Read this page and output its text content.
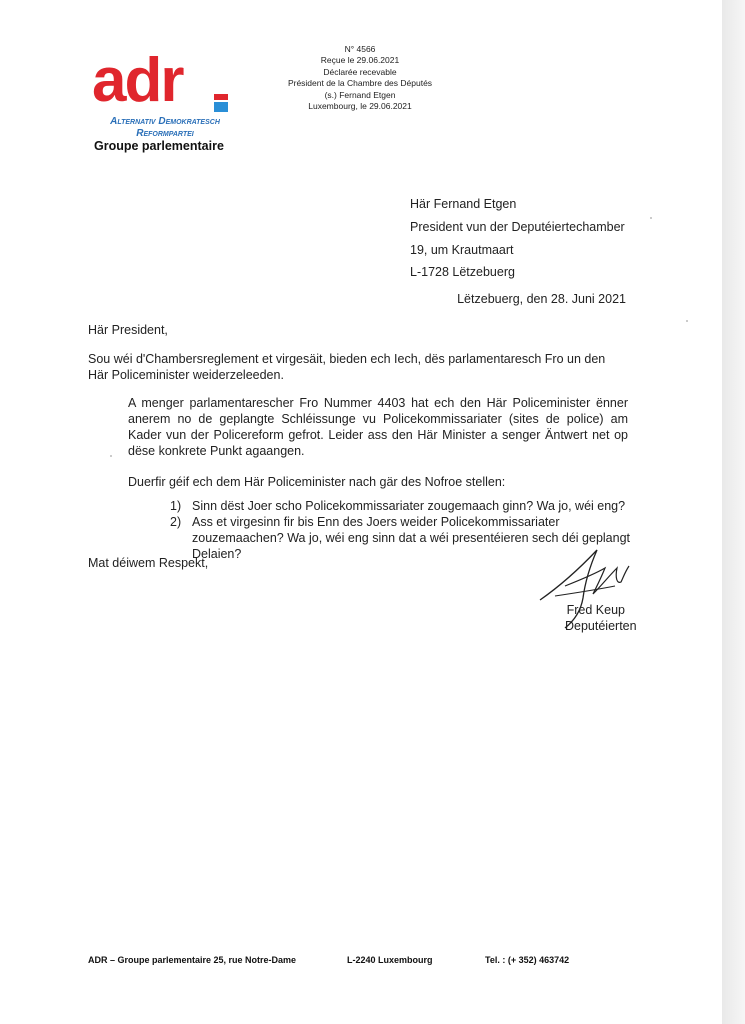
adr
Alternativ Demokratesch
Reformpartei
Groupe parlementaire
N° 4566
Reçue le 29.06.2021
Déclarée recevable
Président de la Chambre des Députés
(s.) Fernand Etgen
Luxembourg, le 29.06.2021
Här Fernand Etgen
President vun der Deputéiertechamber
19, um Krautmaart
L-1728 Lëtzebuerg
Lëtzebuerg, den 28. Juni 2021
Här President,
Sou wéi d'Chambersreglement et virgesäit, bieden ech Iech, dës parlamentaresch Fro un den Här Policeminister weiderzeleeden.
A menger parlamentarescher Fro Nummer 4403 hat ech den Här Policeminister ënner anerem no de geplangte Schléissunge vu Policekommissariater (sites de police) am Kader vun der Policereform gefrot. Leider ass den Här Minister a senger Äntwert net op dëse konkrete Punkt agaangen.
Duerfir géif ech dem Här Policeminister nach gär des Nofroe stellen:
1) Sinn dëst Joer scho Policekommissariater zougemaach ginn? Wa jo, wéi eng?
2) Ass et virgesinn fir bis Enn des Joers weider Policekommissariater zouzemaachen? Wa jo, wéi eng sinn dat a wéi presentéieren sech déi geplangt Delaien?
Mat déiwem Respekt,
Fred Keup
Deputéierten
ADR – Groupe parlementaire 25, rue Notre-Dame	L-2240 Luxembourg	Tel. : (+ 352) 463742
